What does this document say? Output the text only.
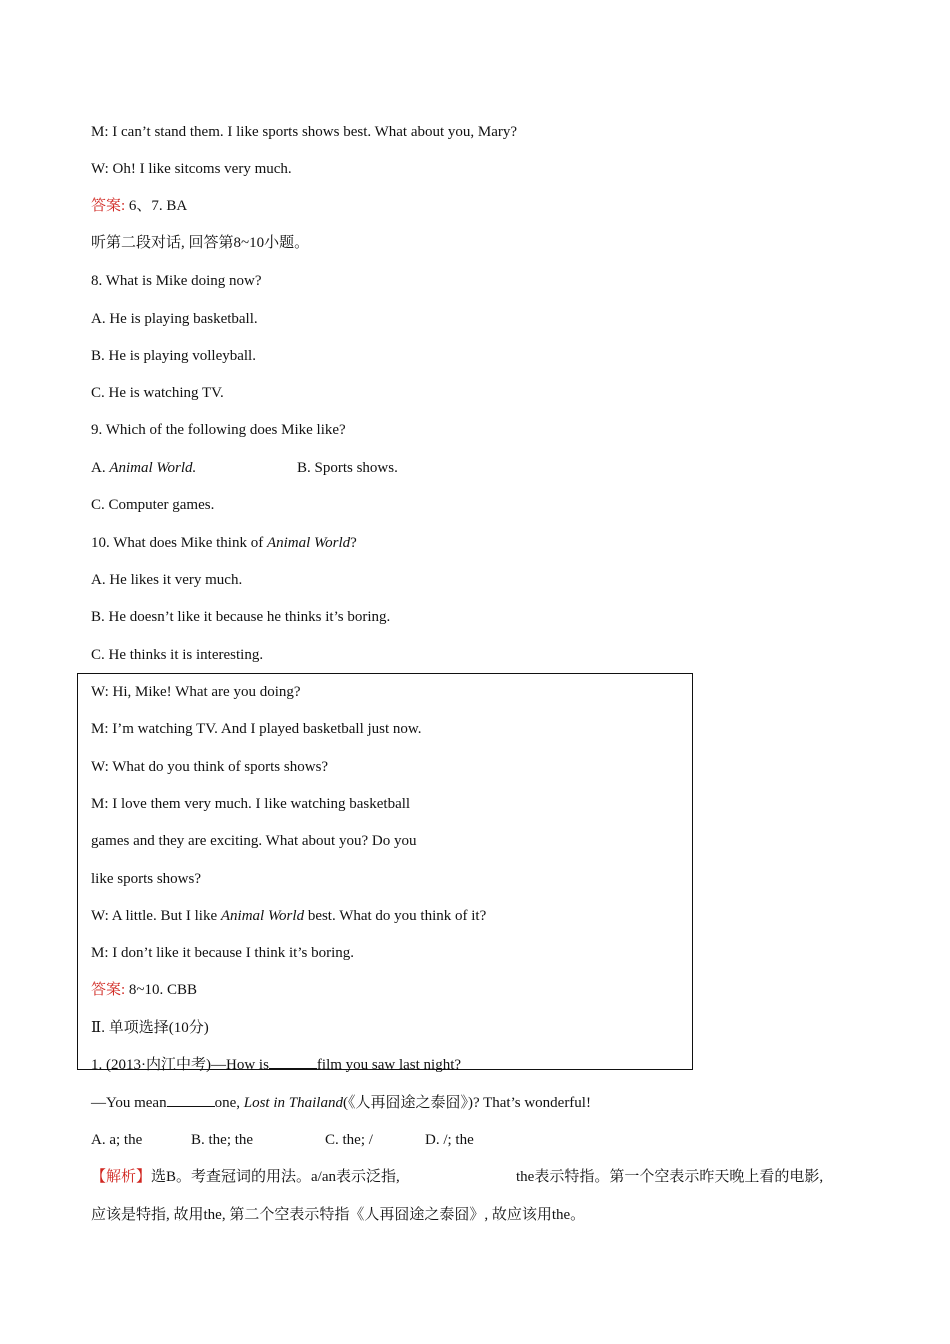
M: I can’t stand them. I like sports shows best. What about you, Mary?
W: Oh! I like sitcoms very much.
答案: 6、7. BA
听第二段对话, 回答第8~10小题。
8. What is Mike doing now?
A. He is playing basketball.
B. He is playing volleyball.
C. He is watching TV.
9. Which of the following does Mike like?
A. Animal World.	B. Sports shows.
C. Computer games.
10. What does Mike think of Animal World?
A. He likes it very much.
B. He doesn’t like it because he thinks it’s boring.
C. He thinks it is interesting.
W: Hi, Mike! What are you doing?
M: I’m watching TV. And I played basketball just now.
W: What do you think of sports shows?
M: I love them very much. I like watching basketball
games and they are exciting. What about you? Do you
like sports shows?
W: A little. But I like Animal World best. What do you think of it?
M: I don’t like it because I think it’s boring.
答案: 8~10. CBB
Ⅱ. 单项选择(10分)
1. (2013·内江中考)—How is	film you saw last night?
—You mean	one, Lost in Thailand(《人再囧途之泰囧》)? That’s wonderful!
A. a; the	B. the; the	C. the; /	D. /; the
【解析】选B。考查冠词的用法。a/an表示泛指,	the表示特指。第一个空表示昨天晚上看的电影,
应该是特指, 故用the, 第二个空表示特指《人再囧途之泰囧》, 故应该用the。
